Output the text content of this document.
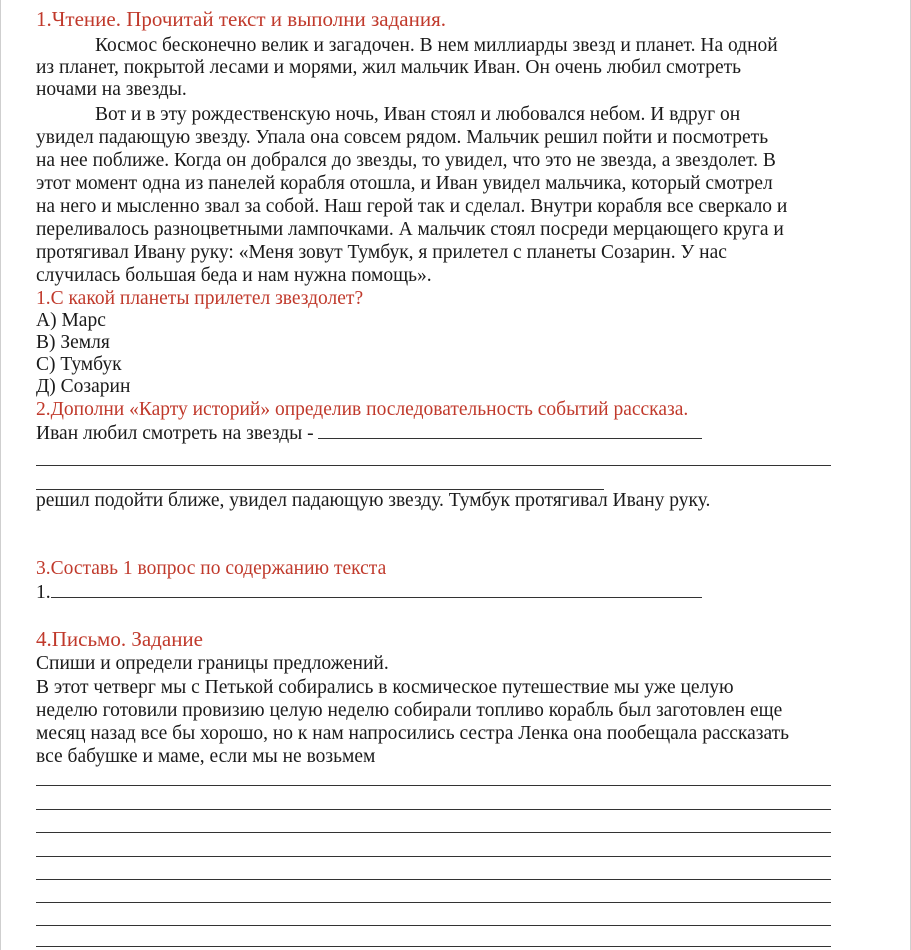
1.Чтение. Прочитай текст и выполни задания.
Космос бесконечно велик и загадочен. В нем миллиарды звезд и планет. На одной
из планет, покрытой лесами и морями, жил мальчик Иван. Он очень любил смотреть
ночами на звезды.
Вот и в эту рождественскую ночь, Иван стоял и любовался небом. И вдруг он
увидел падающую звезду. Упала она совсем рядом. Мальчик решил пойти и посмотреть
на нее поближе. Когда он добрался до звезды, то увидел, что это не звезда, а звездолет. В
этот момент одна из панелей корабля отошла, и Иван увидел мальчика, который смотрел
на него и мысленно звал за собой. Наш герой так и сделал. Внутри корабля все сверкало и
переливалось разноцветными лампочками. А мальчик стоял посреди мерцающего круга и
протягивал Ивану руку: «Меня зовут Тумбук, я прилетел с планеты Созарин. У нас
случилась большая беда и нам нужна помощь».
1.С какой планеты прилетел звездолет?
А) Марс
В) Земля
С) Тумбук
Д) Созарин
2.Дополни «Карту историй» определив последовательность событий рассказа.
Иван любил смотреть на звезды -
решил подойти ближе, увидел падающую звезду. Тумбук протягивал Ивану руку.
3.Составь 1 вопрос по содержанию текста
1.
4.Письмо. Задание
Спиши и определи границы предложений.
В этот четверг мы с Петькой собирались в космическое путешествие мы уже целую
неделю готовили провизию целую неделю собирали топливо корабль был заготовлен еще
месяц назад все бы хорошо, но к нам напросились сестра Ленка она пообещала рассказать
все бабушке и маме, если мы не возьмем
